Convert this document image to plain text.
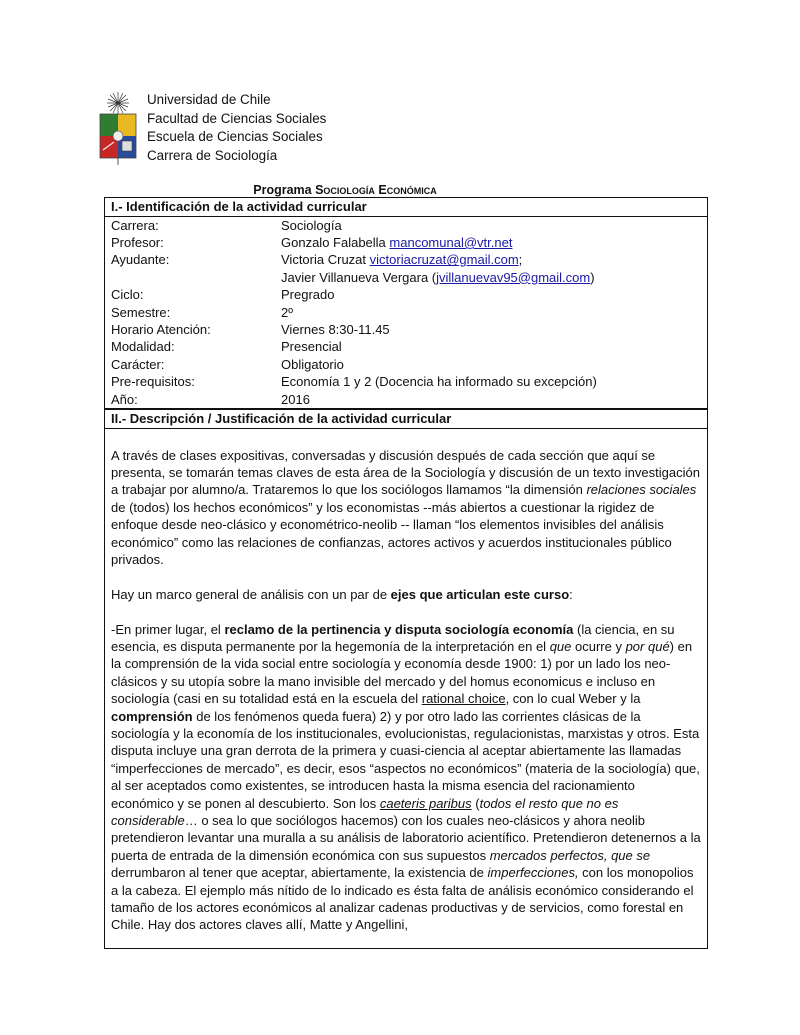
Universidad de Chile
Facultad de Ciencias Sociales
Escuela de Ciencias Sociales
Carrera de Sociología
Programa Sociología Económica
I.- Identificación de la actividad curricular
Carrera:	Sociología
Profesor:	Gonzalo Falabella mancomunal@vtr.net
Ayudante:	Victoria Cruzat victoriacruzat@gmail.com;
Javier Villanueva Vergara (jvillanuevav95@gmail.com)
Ciclo:	Pregrado
Semestre:	2º
Horario Atención:	Viernes 8:30-11.45
Modalidad:	Presencial
Carácter:	Obligatorio
Pre-requisitos:	Economía 1 y 2 (Docencia ha informado su excepción)
Año:	2016
II.- Descripción / Justificación de la actividad curricular

A través de clases expositivas, conversadas y discusión después de cada sección que aquí se presenta, se tomarán temas claves de esta área de la Sociología y discusión de un texto investigación a trabajar por alumno/a. Trataremos lo que los sociólogos llamamos “la dimensión relaciones sociales de (todos) los hechos económicos” y los economistas --más abiertos a cuestionar la rigidez de enfoque desde neo-clásico y econométrico-neolib -- llaman “los elementos invisibles del análisis económico” como las relaciones de confianzas, actores activos y acuerdos institucionales público privados.

Hay un marco general de análisis con un par de ejes que articulan este curso:

-En primer lugar, el reclamo de la pertinencia y disputa sociología economía (la ciencia, en su esencia, es disputa permanente por la hegemonía de la interpretación en el que ocurre y por qué) en la comprensión de la vida social entre sociología y economía desde 1900: 1) por un lado los neo-clásicos y su utopía sobre la mano invisible del mercado y del homus economicus e incluso en sociología (casi en su totalidad está en la escuela del rational choice, con lo cual Weber y la comprensión de los fenómenos queda fuera) 2) y por otro lado las corrientes clásicas de la sociología y la economía de los institucionales, evolucionistas, regulacionistas, marxistas y otros. Esta disputa incluye una gran derrota de la primera y cuasi-ciencia al aceptar abiertamente las llamadas “imperfecciones de mercado”, es decir, esos “aspectos no económicos” (materia de la sociología) que, al ser aceptados como existentes, se introducen hasta la misma esencia del racionamiento económico y se ponen al descubierto. Son los caeteris paribus (todos el resto que no es considerable… o sea lo que sociólogos hacemos) con los cuales neo-clásicos y ahora neolib pretendieron levantar una muralla a su análisis de laboratorio acientífico. Pretendieron detenernos a la puerta de entrada de la dimensión económica con sus supuestos mercados perfectos, que se derrumbaron al tener que aceptar, abiertamente, la existencia de imperfecciones, con los monopolios a la cabeza. El ejemplo más nítido de lo indicado es ésta falta de análisis económico considerando el tamaño de los actores económicos al analizar cadenas productivas y de servicios, como forestal en Chile. Hay dos actores claves allí, Matte y Angellini,
